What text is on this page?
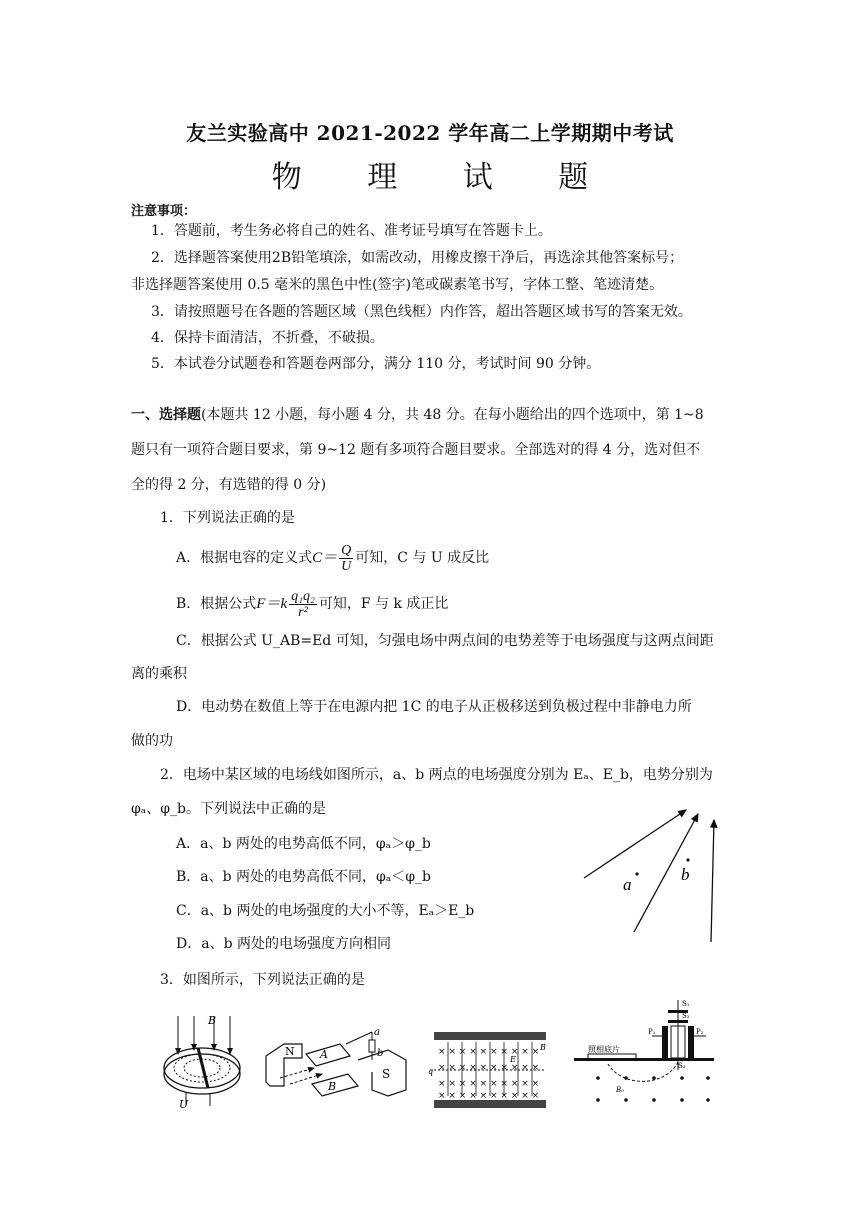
友兰实验高中 2021-2022 学年高二上学期期中考试
物 理 试 题
注意事项：
1．答题前，考生务必将自己的姓名、准考证号填写在答题卡上。
2．选择题答案使用2B铅笔填涂，如需改动，用橡皮擦干净后，再选涂其他答案标号；
非选择题答案使用 0.5 毫米的黑色中性(签字)笔或碳素笔书写，字体工整、笔迹清楚。
3．请按照题号在各题的答题区域（黑色线框）内作答，超出答题区域书写的答案无效。
4．保持卡面清洁，不折叠，不破损。
5．本试卷分试题卷和答题卷两部分，满分 110 分，考试时间 90 分钟。
一、选择题(本题共 12 小题，每小题 4 分，共 48 分。在每小题给出的四个选项中，第 1~8
题只有一项符合题目要求，第 9~12 题有多项符合题目要求。全部选对的得 4 分，选对但不
全的得 2 分，有选错的得 0 分)
1．下列说法正确的是
A．根据电容的定义式$C= \frac{Q}{U}$ 可知，C 与 U 成反比
B．根据公式$F=k \frac{\text{q₁q₂}}{\text{r²}}$ 可知，F 与 k 成正比
C．根据公式 U_AB=Ed 可知，匀强电场中两点间的电势差等于电场强度与这两点间距
离的乘积
D．电动势在数值上等于在电源内把 1C 的电子从正极移送到负极过程中非静电力所
做的功
2．电场中某区域的电场线如图所示，a、b 两点的电场强度分别为 Eₐ、E_b，电势分别为
φₐ、φ_b。下列说法中正确的是
A．a、b 两处的电势高低不同，φₐ＞φ_b
B．a、b 两处的电势高低不同，φₐ＜φ_b
C．a、b 两处的电场强度的大小不等，Eₐ＞E_b
D．a、b 两处的电场强度方向相同
a
b
3．如图所示，下列说法正确的是
B
U
N A
B
S
a
b	× × × × × × × × × ×
× × × × × × × × × ×
× × × × × × × × × ×
× × × × × × × × × ×
q
B
E
S₁
S₂
P₁	P₂
照相底片
S₃
B₀
